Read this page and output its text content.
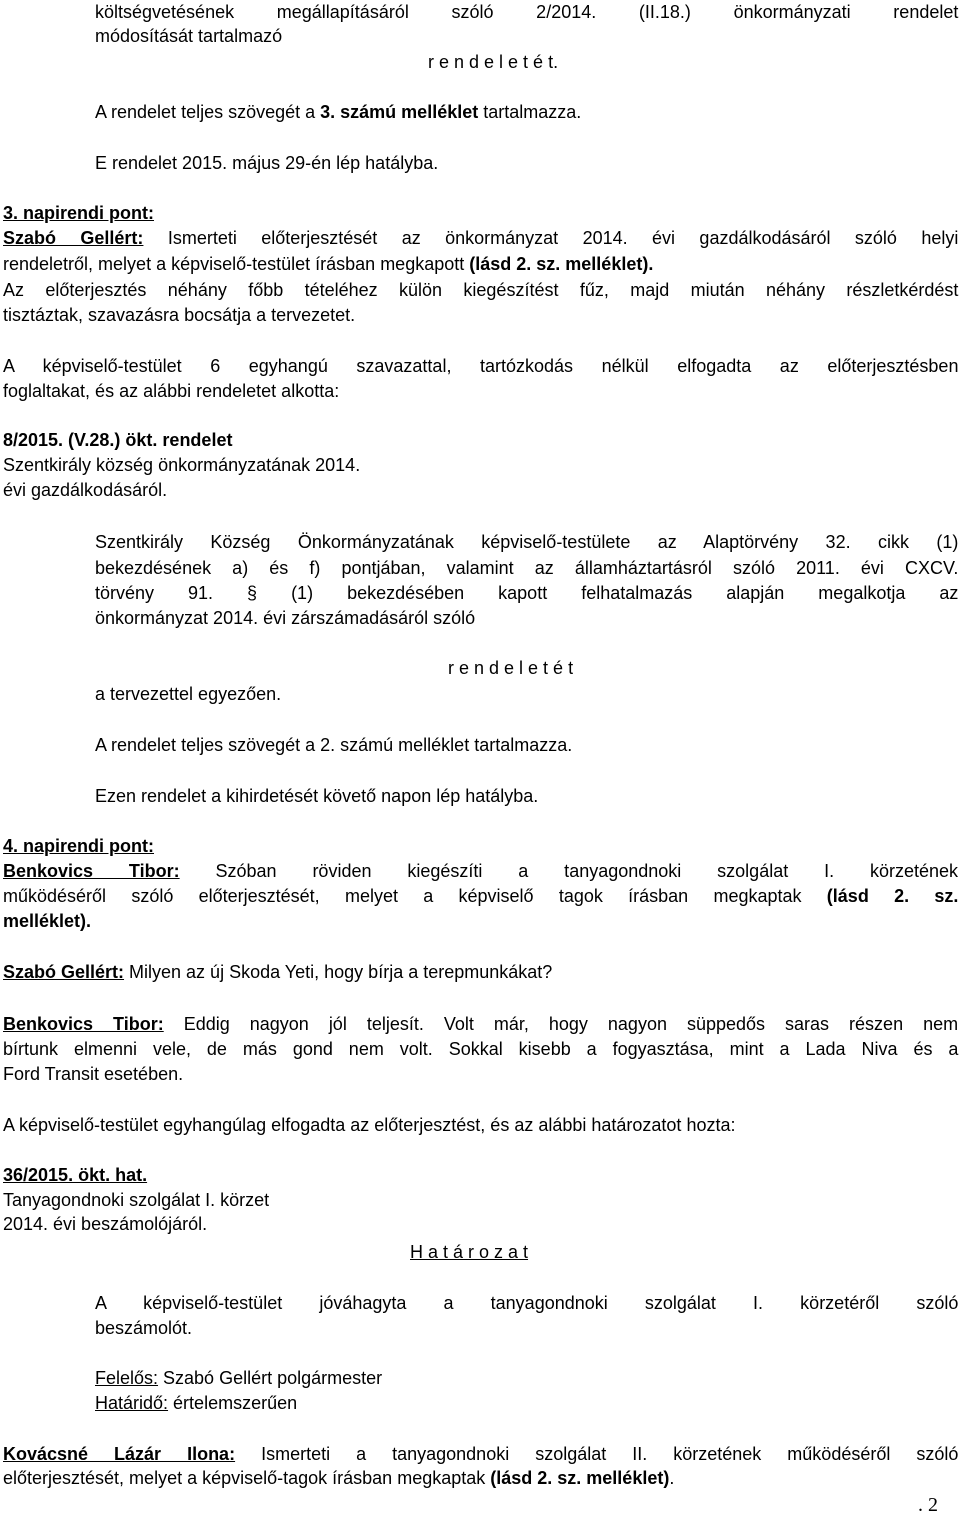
költségvetésének megállapításáról szóló 2/2014. (II.18.) önkormányzati rendelet
módosítását tartalmazó
r e n d e l e t é t.
A rendelet teljes szövegét a 3. számú melléklet tartalmazza.
E rendelet 2015. május 29-én lép hatályba.
3. napirendi pont:
Szabó Gellért: Ismerteti előterjesztését az önkormányzat 2014. évi gazdálkodásáról szóló helyi
rendeletről, melyet a képviselő-testület írásban megkapott (lásd 2. sz. melléklet).
Az előterjesztés néhány főbb tételéhez külön kiegészítést fűz, majd miután néhány részletkérdést
tisztáztak, szavazásra bocsátja a tervezetet.
A képviselő-testület 6 egyhangú szavazattal, tartózkodás nélkül elfogadta az előterjesztésben
foglaltakat, és az alábbi rendeletet alkotta:
8/2015. (V.28.) ökt. rendelet
Szentkirály község önkormányzatának 2014.
évi gazdálkodásáról.
Szentkirály Község Önkormányzatának képviselő-testülete az Alaptörvény 32. cikk (1)
bekezdésének a) és f) pontjában, valamint az államháztartásról szóló 2011. évi CXCV.
törvény 91. § (1) bekezdésében kapott felhatalmazás alapján megalkotja az
önkormányzat 2014. évi zárszámadásáról szóló
r e n d e l e t é t
a tervezettel egyezően.
A rendelet teljes szövegét a 2. számú melléklet tartalmazza.
Ezen rendelet a kihirdetését követő napon lép hatályba.
4. napirendi pont:
Benkovics Tibor: Szóban röviden kiegészíti a tanyagondnoki szolgálat I. körzetének
működéséről szóló előterjesztését, melyet a képviselő tagok írásban megkaptak (lásd 2. sz.
melléklet).
Szabó Gellért: Milyen az új Skoda Yeti, hogy bírja a terepmunkákat?
Benkovics Tibor: Eddig nagyon jól teljesít. Volt már, hogy nagyon süppedős saras részen nem
bírtunk elmenni vele, de más gond nem volt. Sokkal kisebb a fogyasztása, mint a Lada Niva és a
Ford Transit esetében.
A képviselő-testület egyhangúlag elfogadta az előterjesztést, és az alábbi határozatot hozta:
36/2015. ökt. hat.
Tanyagondnoki szolgálat I. körzet
2014. évi beszámolójáról.
H a t á r o z a t
A képviselő-testület jóváhagyta a tanyagondnoki szolgálat I. körzetéről szóló
beszámolót.
Felelős: Szabó Gellért polgármester
Határidő: értelemszerűen
Kovácsné Lázár Ilona: Ismerteti a tanyagondnoki szolgálat II. körzetének működéséről szóló
előterjesztését, melyet a képviselő-tagok írásban megkaptak (lásd 2. sz. melléklet).
. 2
